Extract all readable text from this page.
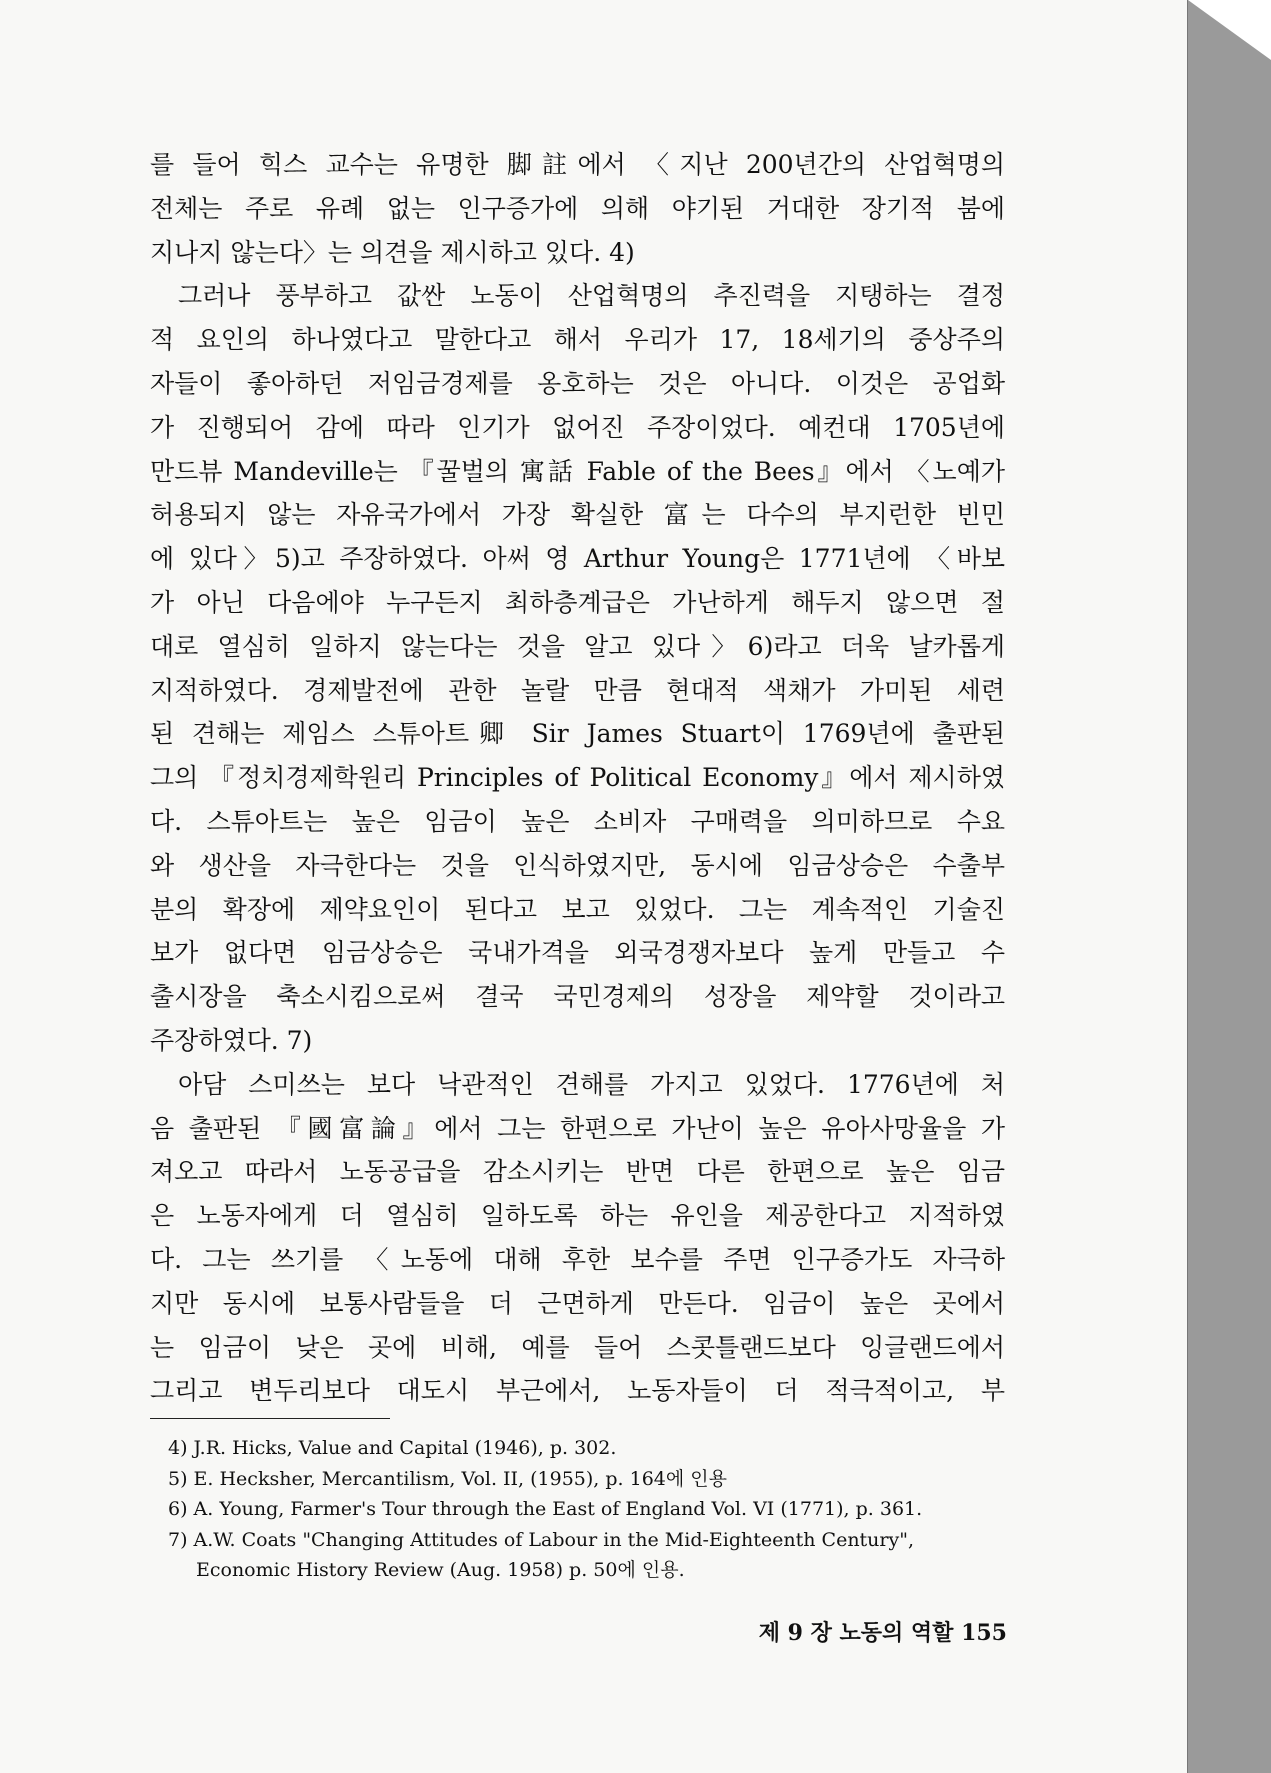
를 들어 힉스 교수는 유명한 脚註에서 〈지난 200년간의 산업혁명의
전체는 주로 유례 없는 인구증가에 의해 야기된 거대한 장기적 붐에
지나지 않는다〉는 의견을 제시하고 있다. 4)
그러나 풍부하고 값싼 노동이 산업혁명의 추진력을 지탱하는 결정
적 요인의 하나였다고 말한다고 해서 우리가 17, 18세기의 중상주의
자들이 좋아하던 저임금경제를 옹호하는 것은 아니다. 이것은 공업화
가 진행되어 감에 따라 인기가 없어진 주장이었다. 예컨대 1705년에
만드뷰 Mandeville는 『꿀벌의 寓話 Fable of the Bees』에서 〈노예가
허용되지 않는 자유국가에서 가장 확실한 富는 다수의 부지런한 빈민
에 있다〉5)고 주장하였다. 아써 영 Arthur Young은 1771년에 〈바보
가 아닌 다음에야 누구든지 최하층계급은 가난하게 해두지 않으면 절
대로 열심히 일하지 않는다는 것을 알고 있다〉6)라고 더욱 날카롭게
지적하였다. 경제발전에 관한 놀랄 만큼 현대적 색채가 가미된 세련
된 견해는 제임스 스튜아트卿 Sir James Stuart이 1769년에 출판된
그의 『정치경제학원리 Principles of Political Economy』에서 제시하였
다. 스튜아트는 높은 임금이 높은 소비자 구매력을 의미하므로 수요
와 생산을 자극한다는 것을 인식하였지만, 동시에 임금상승은 수출부
분의 확장에 제약요인이 된다고 보고 있었다. 그는 계속적인 기술진
보가 없다면 임금상승은 국내가격을 외국경쟁자보다 높게 만들고 수
출시장을 축소시킴으로써 결국 국민경제의 성장을 제약할 것이라고
주장하였다. 7)
아담 스미쓰는 보다 낙관적인 견해를 가지고 있었다. 1776년에 처
음 출판된 『國富論』에서 그는 한편으로 가난이 높은 유아사망율을 가
져오고 따라서 노동공급을 감소시키는 반면 다른 한편으로 높은 임금
은 노동자에게 더 열심히 일하도록 하는 유인을 제공한다고 지적하였
다. 그는 쓰기를 〈노동에 대해 후한 보수를 주면 인구증가도 자극하
지만 동시에 보통사람들을 더 근면하게 만든다. 임금이 높은 곳에서
는 임금이 낮은 곳에 비해, 예를 들어 스콧틀랜드보다 잉글랜드에서
그리고 변두리보다 대도시 부근에서, 노동자들이 더 적극적이고, 부
4) J.R. Hicks, Value and Capital (1946), p. 302.
5) E. Hecksher, Mercantilism, Vol. II, (1955), p. 164에 인용
6) A. Young, Farmer's Tour through the East of England Vol. VI (1771), p. 361.
7) A.W. Coats "Changing Attitudes of Labour in the Mid-Eighteenth Century",
Economic History Review (Aug. 1958) p. 50에 인용.
제 9 장 노동의 역할 155
